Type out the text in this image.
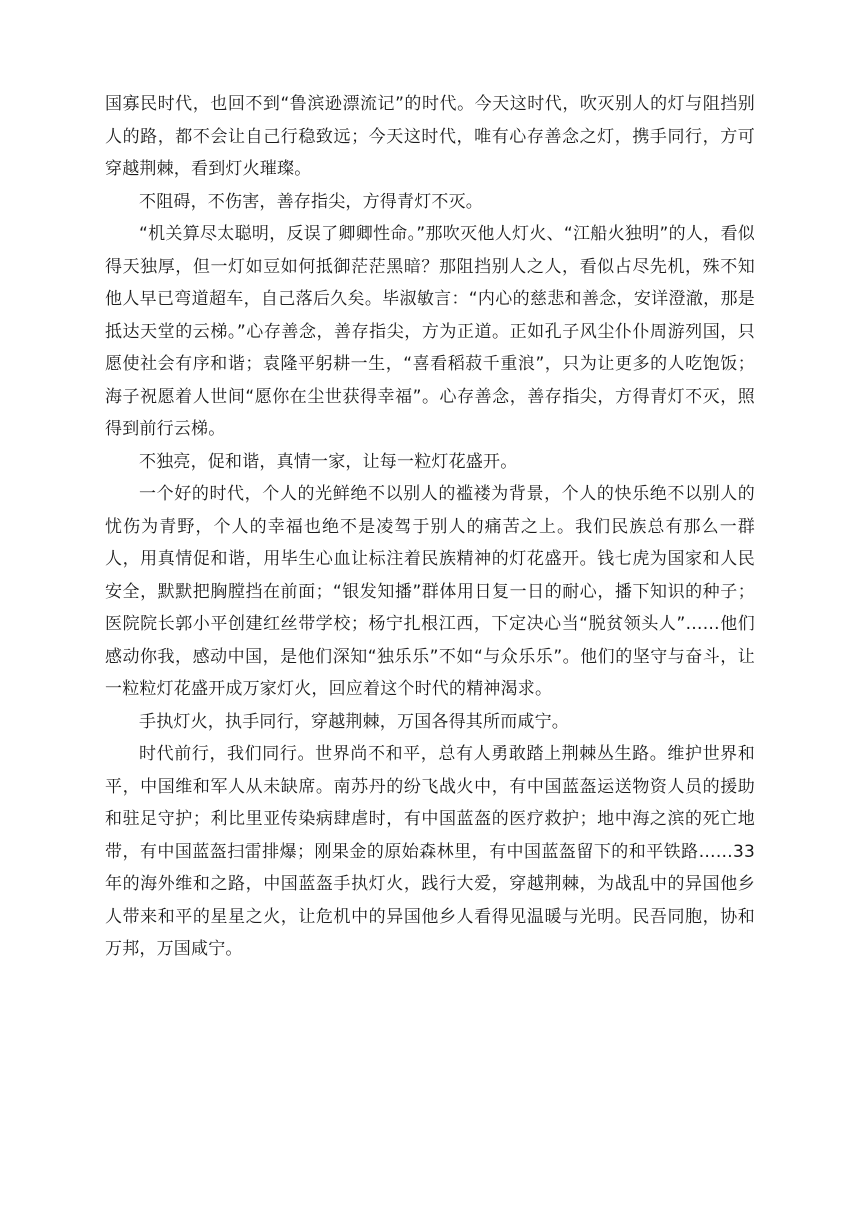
国寡民时代，也回不到“鲁滨逊漂流记”的时代。今天这时代，吹灭别人的灯与阻挡别人的路，都不会让自己行稳致远；今天这时代，唯有心存善念之灯，携手同行，方可穿越荆棘，看到灯火璀璨。

不阻碍，不伤害，善存指尖，方得青灯不灭。

“机关算尽太聪明，反误了卿卿性命。”那吹灭他人灯火、“江船火独明”的人，看似得天独厚，但一灯如豆如何抵御茫茫黑暗？那阻挡别人之人，看似占尽先机，殊不知他人早已弯道超车，自己落后久矣。毕淑敏言：“内心的慈悲和善念，安详澄澈，那是抵达天堂的云梯。”心存善念，善存指尖，方为正道。正如孔子风尘仆仆周游列国，只愿使社会有序和谐；袁隆平躬耕一生，“喜看稻菽千重浪”，只为让更多的人吃饱饭；海子祝愿着人世间“愿你在尘世获得幸福”。心存善念，善存指尖，方得青灯不灭，照得到前行云梯。

不独亮，促和谐，真情一家，让每一粒灯花盛开。

一个好的时代，个人的光鲜绝不以别人的褴褛为背景，个人的快乐绝不以别人的忧伤为青野，个人的幸福也绝不是凌驾于别人的痛苦之上。我们民族总有那么一群人，用真情促和谐，用毕生心血让标注着民族精神的灯花盛开。钱七虎为国家和人民安全，默默把胸膛挡在前面；“银发知播”群体用日复一日的耐心，播下知识的种子；医院院长郭小平创建红丝带学校；杨宁扎根江西，下定决心当“脱贫领头人”……他们感动你我，感动中国，是他们深知“独乐乐”不如“与众乐乐”。他们的坚守与奋斗，让一粒粒灯花盛开成万家灯火，回应着这个时代的精神渴求。

手执灯火，执手同行，穿越荆棘，万国各得其所而咸宁。

时代前行，我们同行。世界尚不和平，总有人勇敢踏上荆棘丛生路。维护世界和平，中国维和军人从未缺席。南苏丹的纷飞战火中，有中国蓝盔运送物资人员的援助和驻足守护；利比里亚传染病肆虐时，有中国蓝盔的医疗救护；地中海之滨的死亡地带，有中国蓝盔扫雷排爆；刚果金的原始森林里，有中国蓝盔留下的和平铁路……33年的海外维和之路，中国蓝盔手执灯火，践行大爱，穿越荆棘，为战乱中的异国他乡人带来和平的星星之火，让危机中的异国他乡人看得见温暖与光明。民吾同胞，协和万邦，万国咸宁。
